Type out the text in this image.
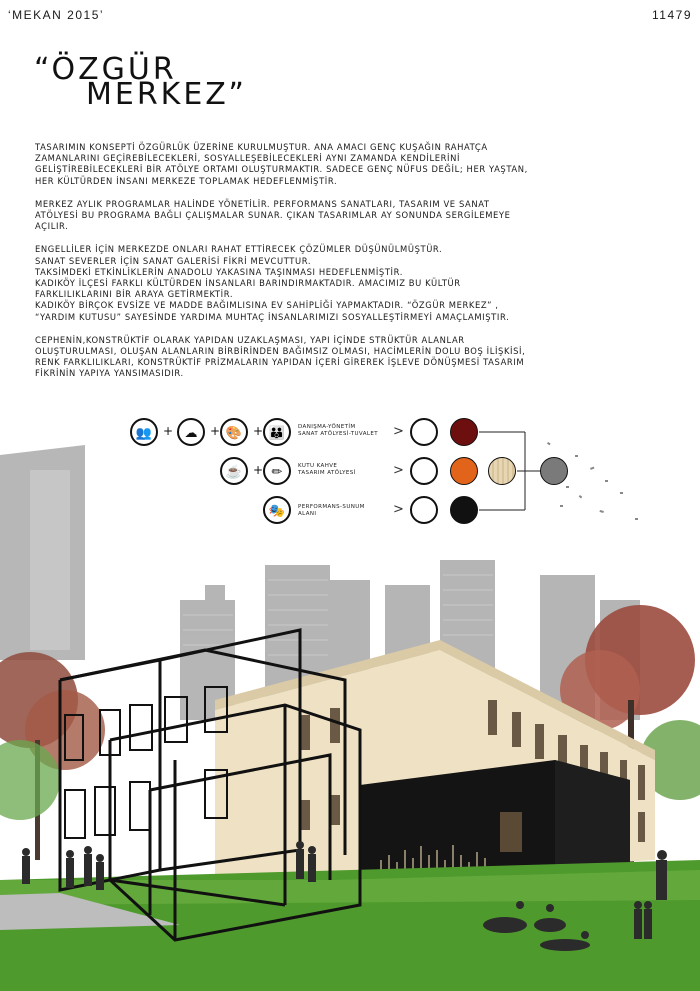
‘MEKAN 2015’	11479
“ÖZGÜR
MERKEZ”

TASARIMIN KONSEPTİ ÖZGÜRLÜK ÜZERİNE KURULMUŞTUR. ANA AMACI GENÇ KUŞAĞIN RAHATÇA
ZAMANLARINI GEÇİREBİLECEKLERİ, SOSYALLEŞEBİLECEKLERİ AYNI ZAMANDA KENDİLERİNİ
GELİŞTİREBİLECEKLERİ BİR ATÖLYE ORTAMI OLUŞTURMAKTIR. SADECE GENÇ NÜFUS DEĞİL; HER YAŞTAN,
HER KÜLTÜRDEN İNSANI MERKEZE TOPLAMAK HEDEFLENMİŞTİR.

MERKEZ AYLIK PROGRAMLAR HALİNDE YÖNETİLİR. PERFORMANS SANATLARI, TASARIM VE SANAT
ATÖLYESİ BU PROGRAMA BAĞLI ÇALIŞMALAR SUNAR. ÇIKAN TASARIMLAR AY SONUNDA SERGİLEMEYE
AÇILIR.

ENGELLİLER İÇİN MERKEZDE ONLARI RAHAT ETTİRECEK ÇÖZÜMLER DÜŞÜNÜLMÜŞTÜR.
SANAT SEVERLER İÇİN SANAT GALERİSİ FİKRİ MEVCUTTUR.
TAKSİMDEKİ ETKİNLİKLERİN ANADOLU YAKASINA TAŞINMASI HEDEFLENMİŞTİR.
KADIKÖY İLÇESİ FARKLI KÜLTÜRDEN İNSANLARI BARINDIRMAKTADIR. AMACIMIZ BU KÜLTÜR
FARKLILIKLARINI BİR ARAYA GETİRMEKTİR.
KADIKÖY BİRÇOK EVSİZE VE MADDE BAĞIMLISINA EV SAHİPLİĞİ YAPMAKTADIR. “ÖZGÜR MERKEZ” ,
“YARDIM KUTUSU” SAYESİNDE YARDIMA MUHTAÇ İNSANLARIMIZI SOSYALLEŞTİRMEYİ AMAÇLAMIŞTIR.

CEPHENİN,KONSTRÜKTİF OLARAK YAPIDAN UZAKLAŞMASI, YAPI İÇİNDE STRÜKTÜR ALANLAR
OLUŞTURULMASI, OLUŞAN ALANLARIN BİRBİRİNDEN BAĞIMSIZ OLMASI, HACİMLERİN DOLU BOŞ İLİŞKİSİ,
RENK FARKLILIKLARI, KONSTRÜKTİF PRİZMALARIN YAPIDAN İÇERİ GİREREK İŞLEVE DÖNÜŞMESİ TASARIM
FİKRİNİN YAPIYA YANSIMASIDIR.

👥 + ☁	+ 🎨 + 👪	DANIŞMA-YÖNETİM
SANAT ATÖLYESİ-TUVALET >
☕ + ✏	KUTU KAHVE
TASARIM ATÖLYESİ	>
🎭	PERFORMANS-SUNUM
ALANI	>
